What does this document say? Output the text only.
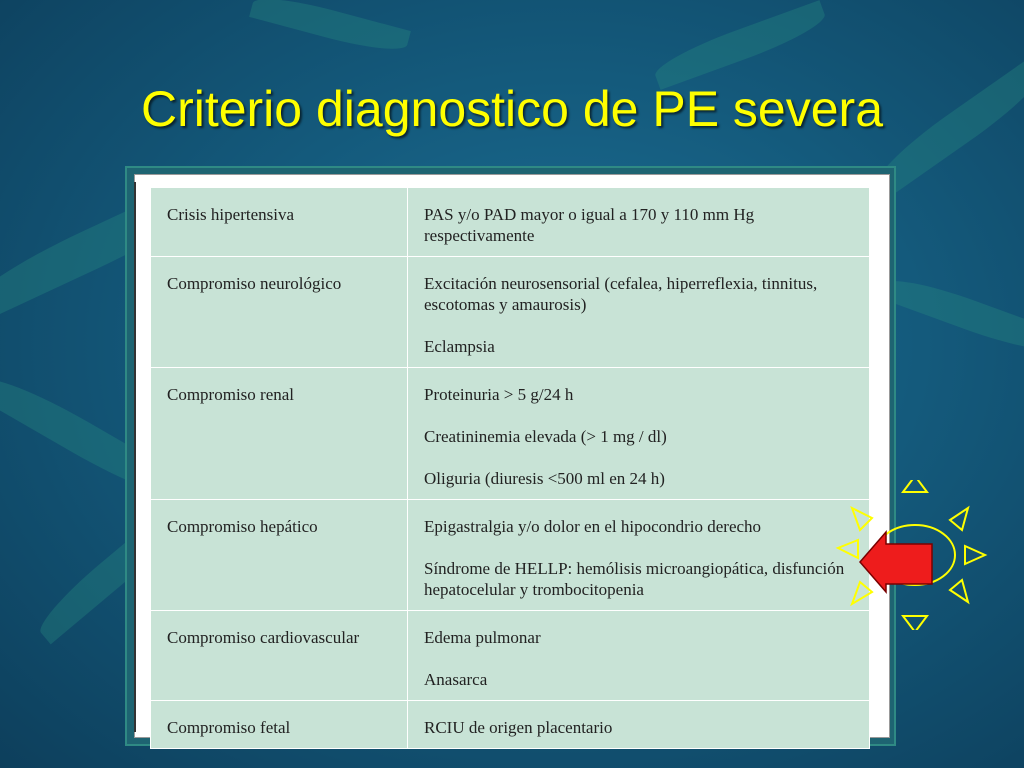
Criterio diagnostico de PE severa
Crisis hipertensiva	PAS y/o PAD mayor o igual a 170 y 110 mm Hg respectivamente

Compromiso neurológico	Excitación neurosensorial (cefalea, hiperreflexia, tinnitus, escotomas y amaurosis)

Eclampsia

Compromiso renal	Proteinuria > 5 g/24 h

Creatininemia elevada (> 1 mg / dl)

Oliguria (diuresis <500 ml en 24 h)

Compromiso hepático	Epigastralgia y/o dolor en el hipocondrio derecho

Síndrome de HELLP: hemólisis microangiopática, disfunción hepatocelular y trombocitopenia

Compromiso cardiovascular	Edema pulmonar

Anasarca

Compromiso fetal	RCIU de origen placentario
